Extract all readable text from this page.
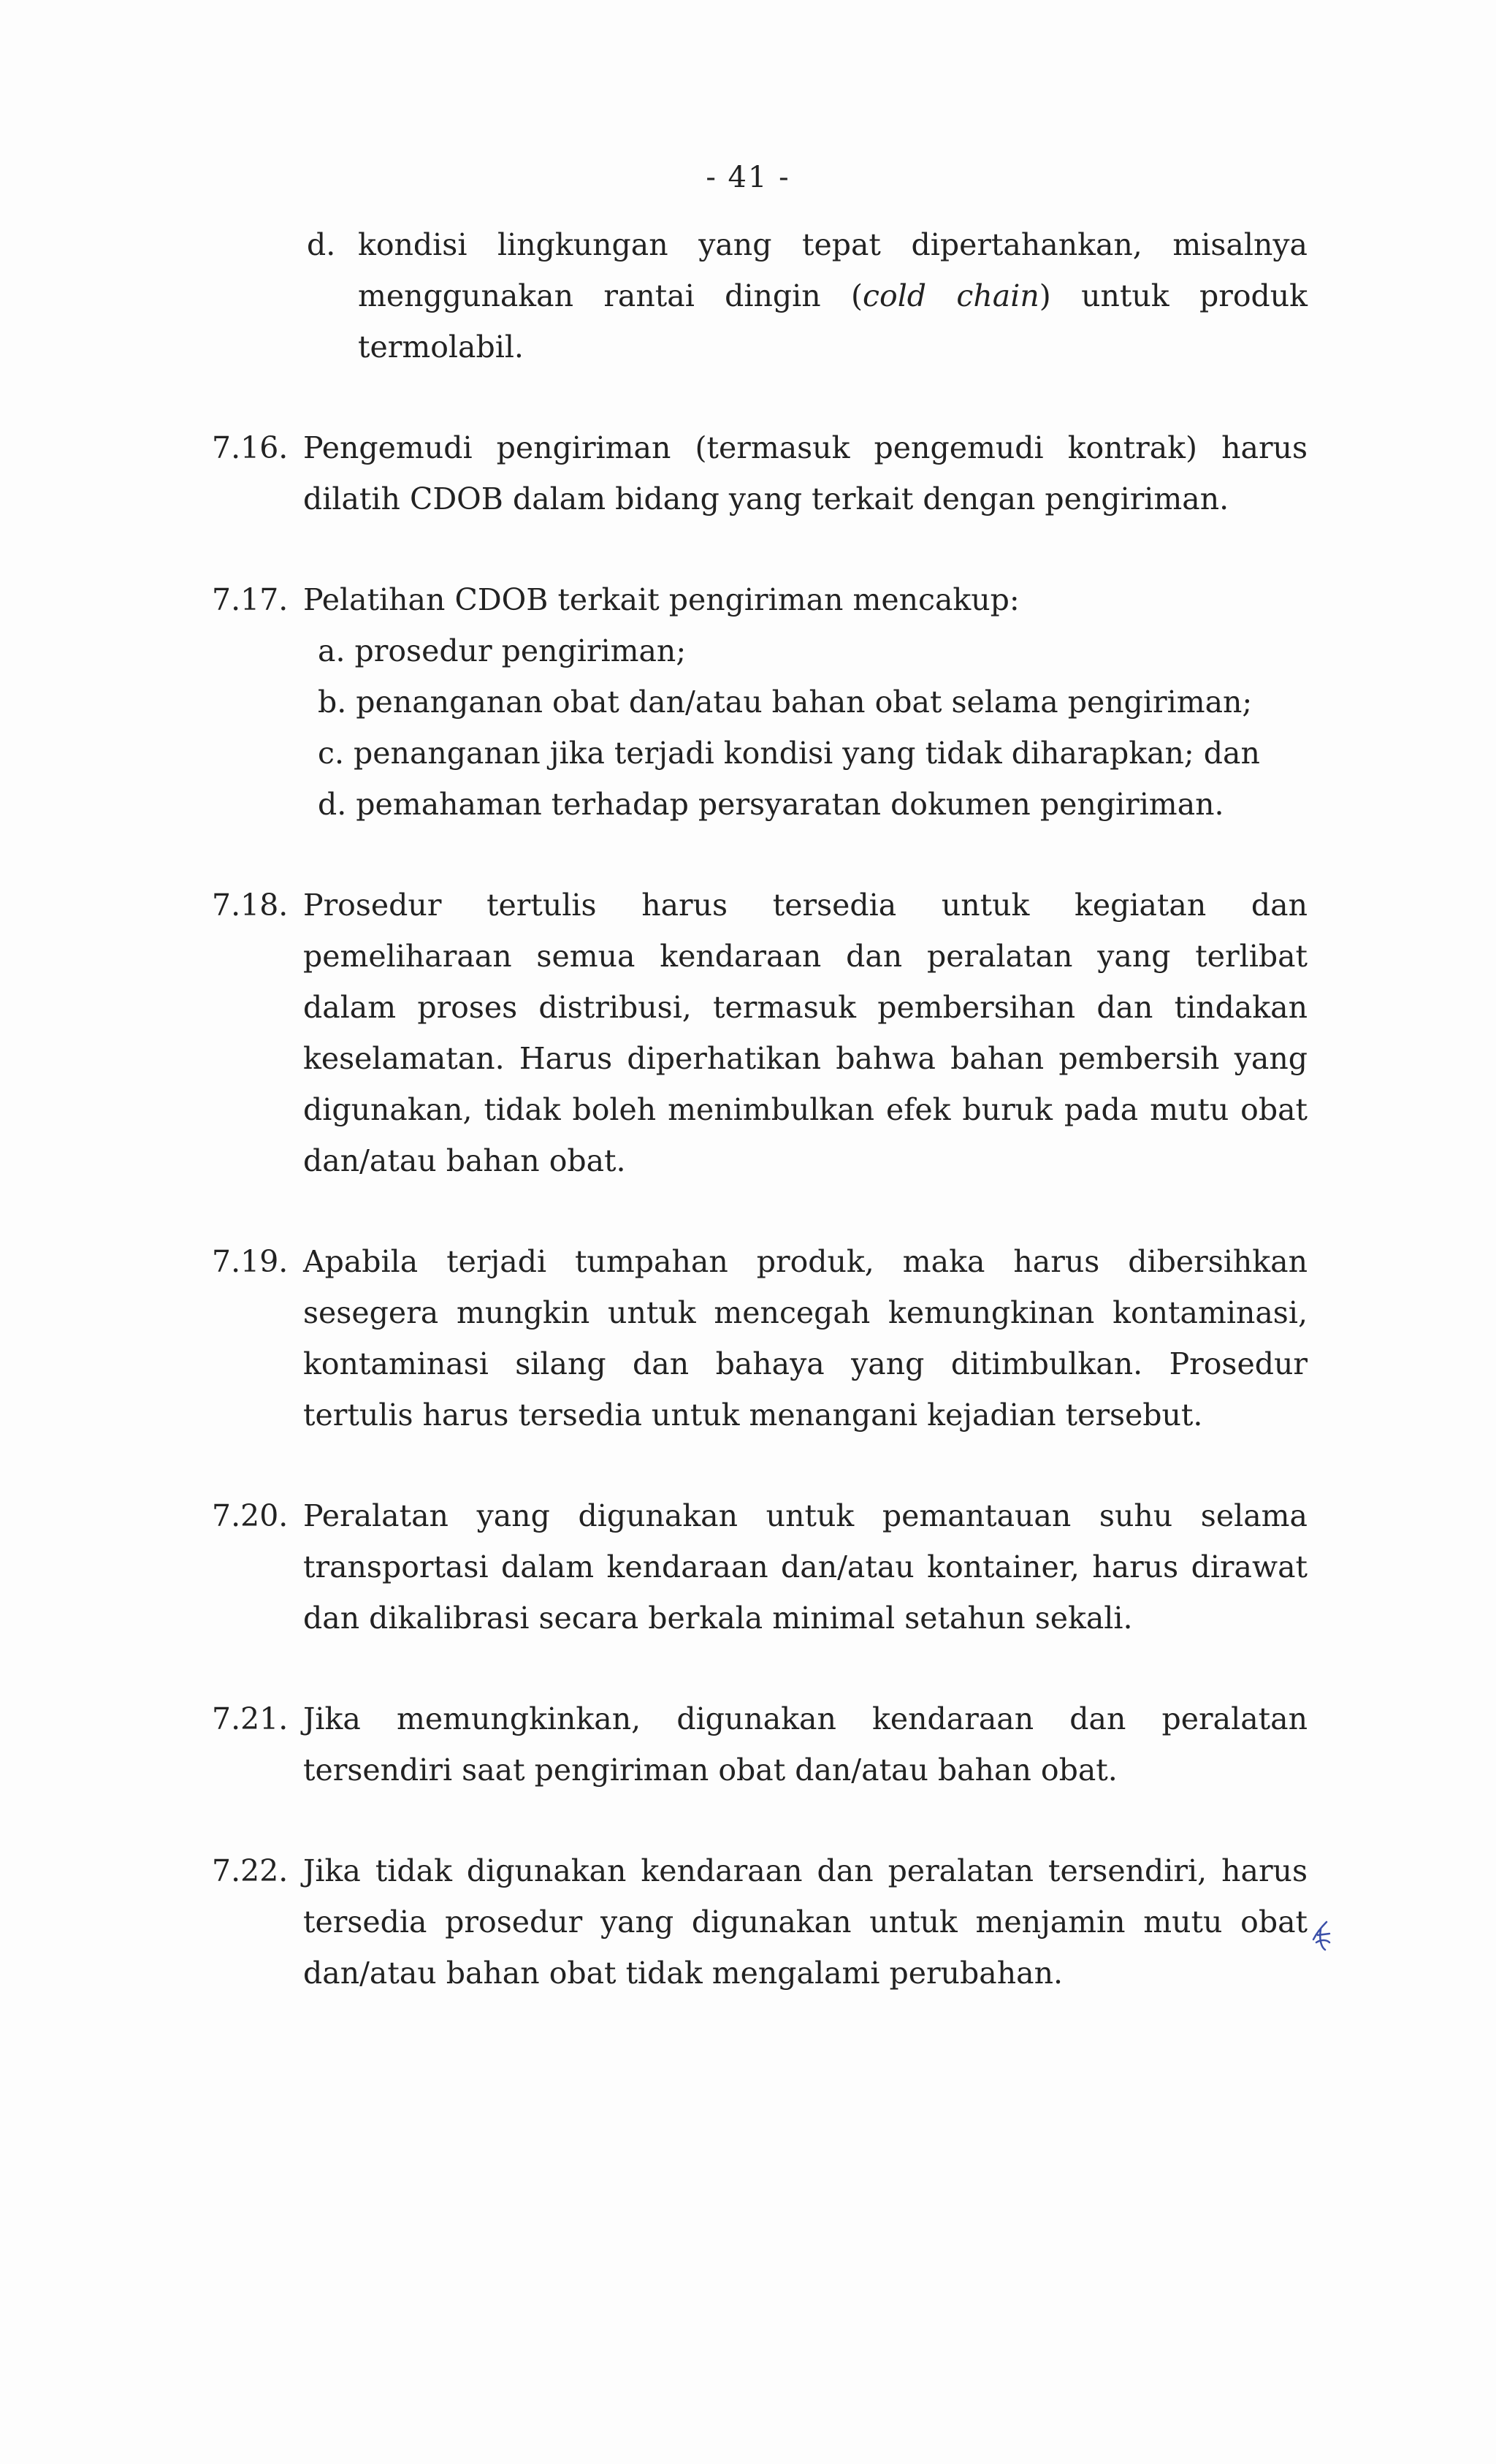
- 41 -
d. kondisi lingkungan yang tepat dipertahankan, misalnya menggunakan rantai dingin (cold chain) untuk produk termolabil.
7.16. Pengemudi pengiriman (termasuk pengemudi kontrak) harus dilatih CDOB dalam bidang yang terkait dengan pengiriman.
7.17. Pelatihan CDOB terkait pengiriman mencakup:
a. prosedur pengiriman;
b. penanganan obat dan/atau bahan obat selama pengiriman;
c. penanganan jika terjadi kondisi yang tidak diharapkan; dan
d. pemahaman terhadap persyaratan dokumen pengiriman.
7.18. Prosedur tertulis harus tersedia untuk kegiatan dan pemeliharaan semua kendaraan dan peralatan yang terlibat dalam proses distribusi, termasuk pembersihan dan tindakan keselamatan. Harus diperhatikan bahwa bahan pembersih yang digunakan, tidak boleh menimbulkan efek buruk pada mutu obat dan/atau bahan obat.
7.19. Apabila terjadi tumpahan produk, maka harus dibersihkan sesegera mungkin untuk mencegah kemungkinan kontaminasi, kontaminasi silang dan bahaya yang ditimbulkan. Prosedur tertulis harus tersedia untuk menangani kejadian tersebut.
7.20. Peralatan yang digunakan untuk pemantauan suhu selama transportasi dalam kendaraan dan/atau kontainer, harus dirawat dan dikalibrasi secara berkala minimal setahun sekali.
7.21. Jika memungkinkan, digunakan kendaraan dan peralatan tersendiri saat pengiriman obat dan/atau bahan obat.
7.22. Jika tidak digunakan kendaraan dan peralatan tersendiri, harus tersedia prosedur yang digunakan untuk menjamin mutu obat dan/atau bahan obat tidak mengalami perubahan.
